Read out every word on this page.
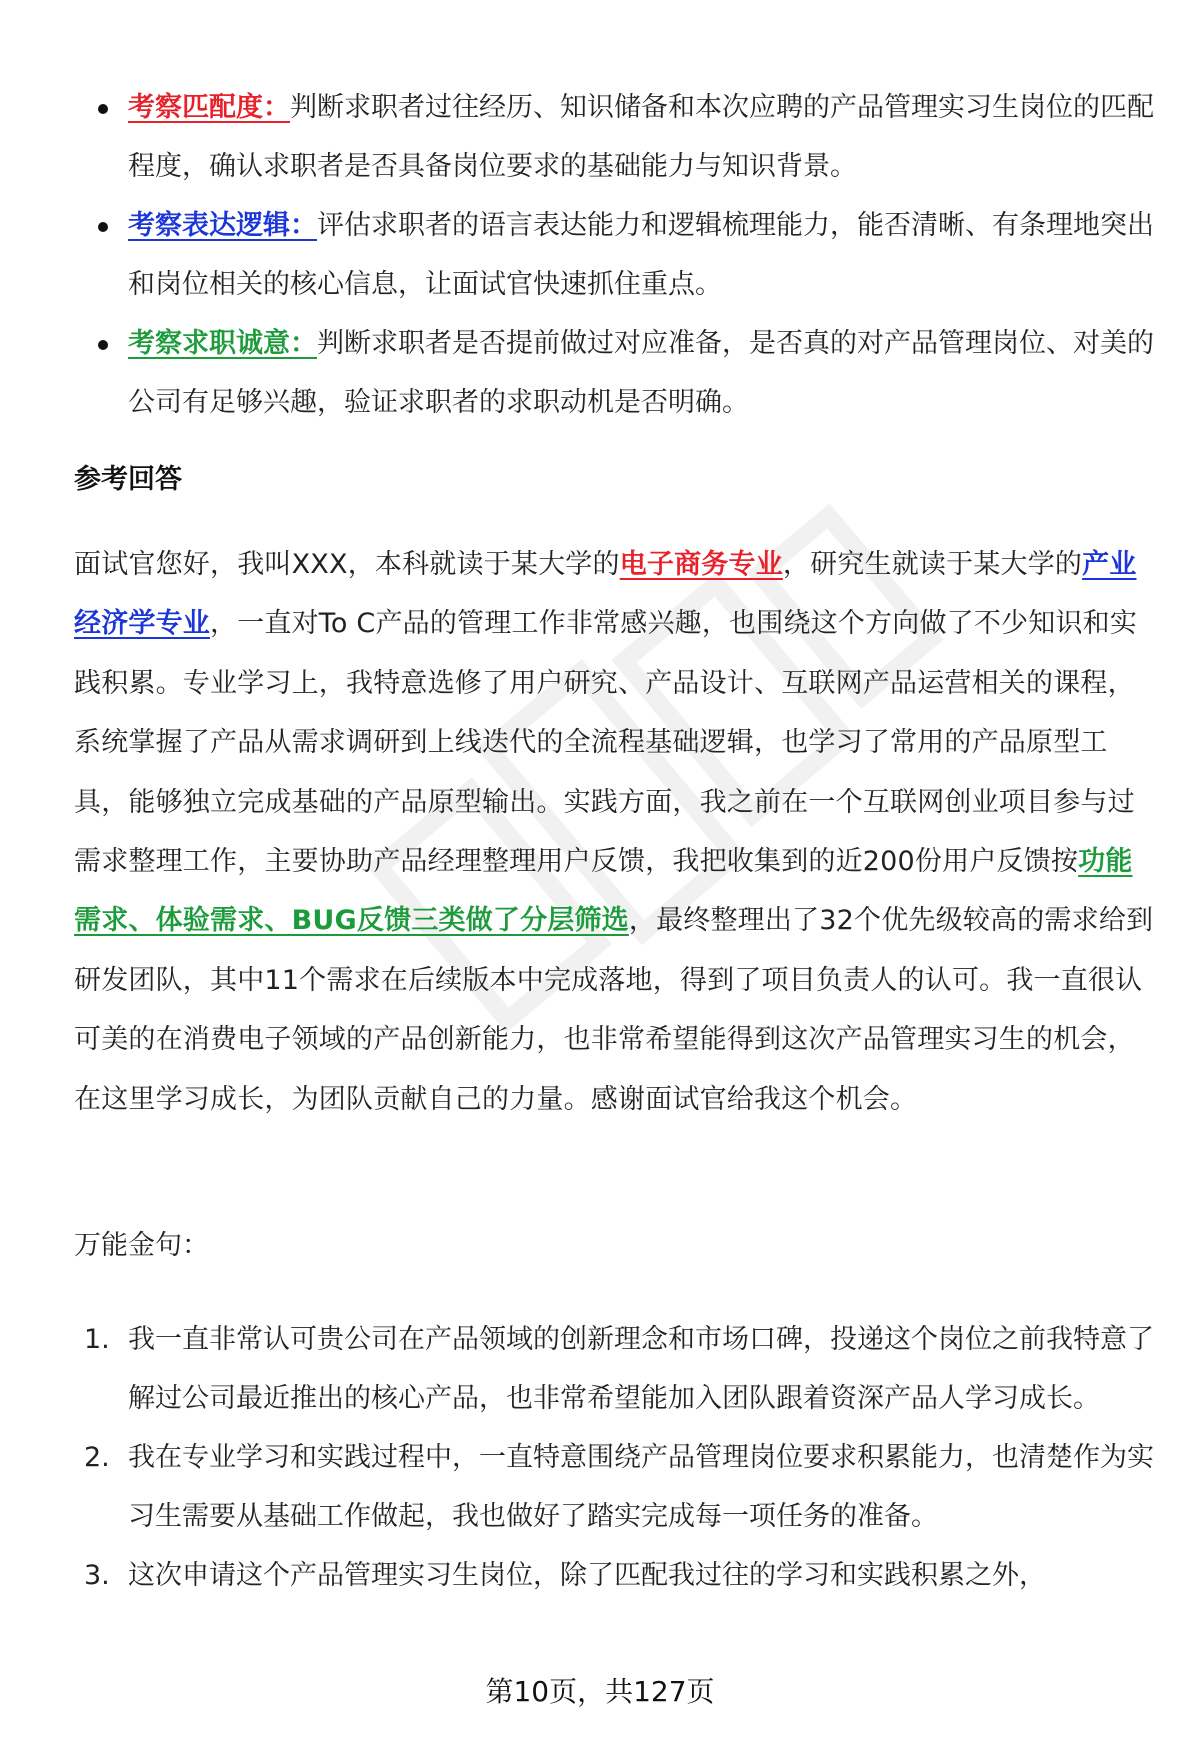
考察匹配度：判断求职者过往经历、知识储备和本次应聘的产品管理实习生岗位的匹配程度，确认求职者是否具备岗位要求的基础能力与知识背景。
考察表达逻辑：评估求职者的语言表达能力和逻辑梳理能力，能否清晰、有条理地突出和岗位相关的核心信息，让面试官快速抓住重点。
考察求职诚意：判断求职者是否提前做过对应准备，是否真的对产品管理岗位、对美的公司有足够兴趣，验证求职者的求职动机是否明确。
参考回答

面试官您好，我叫XXX，本科就读于某大学的电子商务专业，研究生就读于某大学的产业经济学专业，一直对To C产品的管理工作非常感兴趣，也围绕这个方向做了不少知识和实践积累。专业学习上，我特意选修了用户研究、产品设计、互联网产品运营相关的课程，系统掌握了产品从需求调研到上线迭代的全流程基础逻辑，也学习了常用的产品原型工具，能够独立完成基础的产品原型输出。实践方面，我之前在一个互联网创业项目参与过需求整理工作，主要协助产品经理整理用户反馈，我把收集到的近200份用户反馈按功能需求、体验需求、BUG反馈三类做了分层筛选，最终整理出了32个优先级较高的需求给到研发团队，其中11个需求在后续版本中完成落地，得到了项目负责人的认可。我一直很认可美的在消费电子领域的产品创新能力，也非常希望能得到这次产品管理实习生的机会，在这里学习成长，为团队贡献自己的力量。感谢面试官给我这个机会。

万能金句：

1. 我一直非常认可贵公司在产品领域的创新理念和市场口碑，投递这个岗位之前我特意了解过公司最近推出的核心产品，也非常希望能加入团队跟着资深产品人学习成长。
2. 我在专业学习和实践过程中，一直特意围绕产品管理岗位要求积累能力，也清楚作为实习生需要从基础工作做起，我也做好了踏实完成每一项任务的准备。
3. 这次申请这个产品管理实习生岗位，除了匹配我过往的学习和实践积累之外，
第10页，共127页
